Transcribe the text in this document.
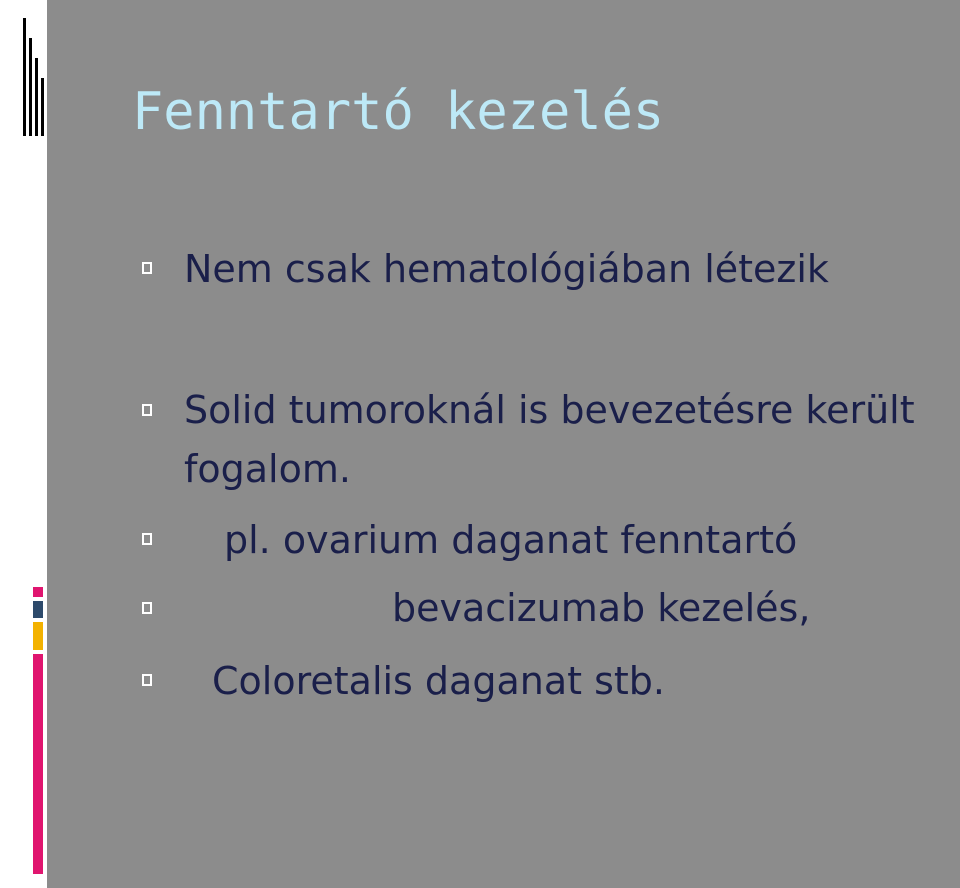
Fenntartó kezelés

Nem csak hematológiában létezik

Solid tumoroknál is bevezetésre került

fogalom.

pl. ovarium daganat fenntartó

bevacizumab kezelés,

Coloretalis daganat stb.
